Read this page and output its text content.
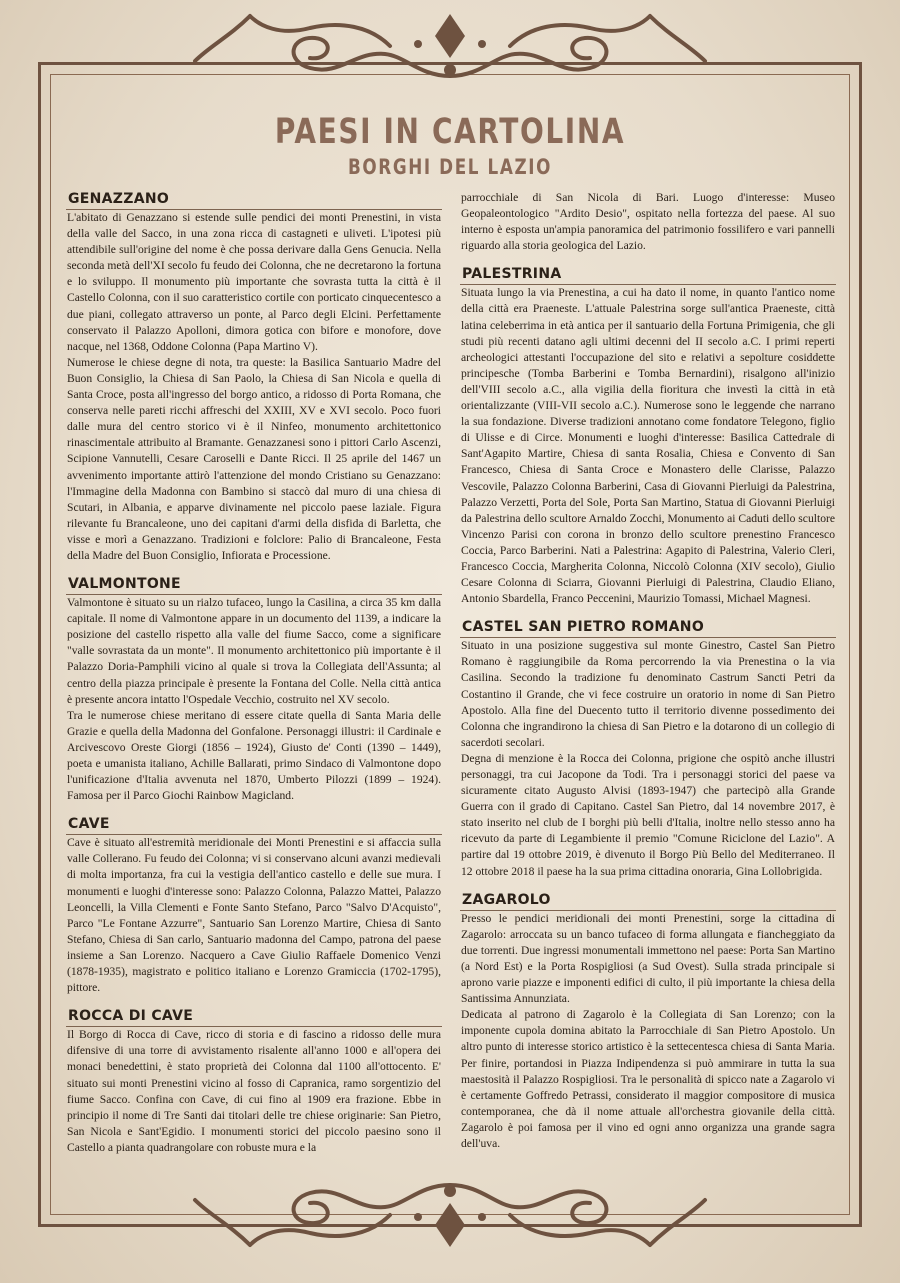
PAESI IN CARTOLINA
BORGHI DEL LAZIO
GENAZZANO

L'abitato di Genazzano si estende sulle pendici dei monti Prenestini, in vista della valle del Sacco, in una zona ricca di castagneti e uliveti. L'ipotesi più attendibile sull'origine del nome è che possa derivare dalla Gens Genucia. Nella seconda metà dell'XI secolo fu feudo dei Colonna, che ne decretarono la fortuna e lo sviluppo. Il monumento più importante che sovrasta tutta la città è il Castello Colonna, con il suo caratteristico cortile con porticato cinquecentesco a due piani, collegato attraverso un ponte, al Parco degli Elcini. Perfettamente conservato il Palazzo Apolloni, dimora gotica con bifore e monofore, dove nacque, nel 1368, Oddone Colonna (Papa Martino V).

Numerose le chiese degne di nota, tra queste: la Basilica Santuario Madre del Buon Consiglio, la Chiesa di San Paolo, la Chiesa di San Nicola e quella di Santa Croce, posta all'ingresso del borgo antico, a ridosso di Porta Romana, che conserva nelle pareti ricchi affreschi del XXIII, XV e XVI secolo. Poco fuori dalle mura del centro storico vi è il Ninfeo, monumento architettonico rinascimentale attribuito al Bramante. Genazzanesi sono i pittori Carlo Ascenzi, Scipione Vannutelli, Cesare Caroselli e Dante Ricci. Il 25 aprile del 1467 un avvenimento importante attirò l'attenzione del mondo Cristiano su Genazzano: l'Immagine della Madonna con Bambino si staccò dal muro di una chiesa di Scutari, in Albania, e apparve divinamente nel piccolo paese laziale. Figura rilevante fu Brancaleone, uno dei capitani d'armi della disfida di Barletta, che visse e morì a Genazzano. Tradizioni e folclore: Palio di Brancaleone, Festa della Madre del Buon Consiglio, Infiorata e Processione.

VALMONTONE

Valmontone è situato su un rialzo tufaceo, lungo la Casilina, a circa 35 km dalla capitale. Il nome di Valmontone appare in un documento del 1139, a indicare la posizione del castello rispetto alla valle del fiume Sacco, come a significare "valle sovrastata da un monte". Il monumento architettonico più importante è il Palazzo Doria-Pamphili vicino al quale si trova la Collegiata dell'Assunta; al centro della piazza principale è presente la Fontana del Colle. Nella città antica è presente ancora intatto l'Ospedale Vecchio, costruito nel XV secolo.

Tra le numerose chiese meritano di essere citate quella di Santa Maria delle Grazie e quella della Madonna del Gonfalone. Personaggi illustri: il Cardinale e Arcivescovo Oreste Giorgi (1856 – 1924), Giusto de' Conti (1390 – 1449), poeta e umanista italiano, Achille Ballarati, primo Sindaco di Valmontone dopo l'unificazione d'Italia avvenuta nel 1870, Umberto Pilozzi (1899 – 1924). Famosa per il Parco Giochi Rainbow Magicland.

CAVE

Cave è situato all'estremità meridionale dei Monti Prenestini e si affaccia sulla valle Collerano. Fu feudo dei Colonna; vi si conservano alcuni avanzi medievali di molta importanza, fra cui la vestigia dell'antico castello e delle sue mura. I monumenti e luoghi d'interesse sono: Palazzo Colonna, Palazzo Mattei, Palazzo Leoncelli, la Villa Clementi e Fonte Santo Stefano, Parco "Salvo D'Acquisto", Parco "Le Fontane Azzurre", Santuario San Lorenzo Martire, Chiesa di Santo Stefano, Chiesa di San carlo, Santuario madonna del Campo, patrona del paese insieme a San Lorenzo. Nacquero a Cave Giulio Raffaele Domenico Venzi (1878-1935), magistrato e politico italiano e Lorenzo Gramiccia (1702-1795), pittore.

ROCCA DI CAVE

Il Borgo di Rocca di Cave, ricco di storia e di fascino a ridosso delle mura difensive di una torre di avvistamento risalente all'anno 1000 e all'opera dei monaci benedettini, è stato proprietà dei Colonna dal 1100 all'ottocento. E' situato sui monti Prenestini vicino al fosso di Capranica, ramo sorgentizio del fiume Sacco. Confina con Cave, di cui fino al 1909 era frazione. Ebbe in principio il nome di Tre Santi dai titolari delle tre chiese originarie: San Pietro, San Nicola e Sant'Egidio. I monumenti storici del piccolo paesino sono il Castello a pianta quadrangolare con robuste mura e la

parrocchiale di San Nicola di Bari. Luogo d'interesse: Museo Geopaleontologico "Ardito Desio", ospitato nella fortezza del paese. Al suo interno è esposta un'ampia panoramica del patrimonio fossilifero e vari pannelli riguardo alla storia geologica del Lazio.

PALESTRINA

Situata lungo la via Prenestina, a cui ha dato il nome, in quanto l'antico nome della città era Praeneste. L'attuale Palestrina sorge sull'antica Praeneste, città latina celeberrima in età antica per il santuario della Fortuna Primigenia, che gli studi più recenti datano agli ultimi decenni del II secolo a.C. I primi reperti archeologici attestanti l'occupazione del sito e relativi a sepolture cosiddette principesche (Tomba Barberini e Tomba Bernardini), risalgono all'inizio dell'VIII secolo a.C., alla vigilia della fioritura che investì la città in età orientalizzante (VIII-VII secolo a.C.). Numerose sono le leggende che narrano la sua fondazione. Diverse tradizioni annotano come fondatore Telegono, figlio di Ulisse e di Circe. Monumenti e luoghi d'interesse: Basilica Cattedrale di Sant'Agapito Martire, Chiesa di santa Rosalia, Chiesa e Convento di San Francesco, Chiesa di Santa Croce e Monastero delle Clarisse, Palazzo Vescovile, Palazzo Colonna Barberini, Casa di Giovanni Pierluigi da Palestrina, Palazzo Verzetti, Porta del Sole, Porta San Martino, Statua di Giovanni Pierluigi da Palestrina dello scultore Arnaldo Zocchi, Monumento ai Caduti dello scultore Vincenzo Parisi con corona in bronzo dello scultore prenestino Francesco Coccia, Parco Barberini. Nati a Palestrina: Agapito di Palestrina, Valerio Cleri, Francesco Coccia, Margherita Colonna, Niccolò Colonna (XIV secolo), Giulio Cesare Colonna di Sciarra, Giovanni Pierluigi di Palestrina, Claudio Eliano, Antonio Sbardella, Franco Peccenini, Maurizio Tomassi, Michael Magnesi.

CASTEL SAN PIETRO ROMANO

Situato in una posizione suggestiva sul monte Ginestro, Castel San Pietro Romano è raggiungibile da Roma percorrendo la via Prenestina o la via Casilina. Secondo la tradizione fu denominato Castrum Sancti Petri da Costantino il Grande, che vi fece costruire un oratorio in nome di San Pietro Apostolo. Alla fine del Duecento tutto il territorio divenne possedimento dei Colonna che ingrandirono la chiesa di San Pietro e la dotarono di un collegio di sacerdoti secolari.

Degna di menzione è la Rocca dei Colonna, prigione che ospitò anche illustri personaggi, tra cui Jacopone da Todi. Tra i personaggi storici del paese va sicuramente citato Augusto Alvisi (1893-1947) che partecipò alla Grande Guerra con il grado di Capitano. Castel San Pietro, dal 14 novembre 2017, è stato inserito nel club de I borghi più belli d'Italia, inoltre nello stesso anno ha ricevuto da parte di Legambiente il premio "Comune Riciclone del Lazio". A partire dal 19 ottobre 2019, è divenuto il Borgo Più Bello del Mediterraneo. Il 12 ottobre 2018 il paese ha la sua prima cittadina onoraria, Gina Lollobrigida.

ZAGAROLO

Presso le pendici meridionali dei monti Prenestini, sorge la cittadina di Zagarolo: arroccata su un banco tufaceo di forma allungata e fiancheggiato da due torrenti. Due ingressi monumentali immettono nel paese: Porta San Martino (a Nord Est) e la Porta Rospigliosi (a Sud Ovest). Sulla strada principale si aprono varie piazze e imponenti edifici di culto, il più importante la chiesa della Santissima Annunziata.

Dedicata al patrono di Zagarolo è la Collegiata di San Lorenzo; con la imponente cupola domina abitato la Parrocchiale di San Pietro Apostolo. Un altro punto di interesse storico artistico è la settecentesca chiesa di Santa Maria. Per finire, portandosi in Piazza Indipendenza si può ammirare in tutta la sua maestosità il Palazzo Rospigliosi. Tra le personalità di spicco nate a Zagarolo vi è certamente Goffredo Petrassi, considerato il maggior compositore di musica contemporanea, che dà il nome attuale all'orchestra giovanile della città. Zagarolo è poi famosa per il vino ed ogni anno organizza una grande sagra dell'uva.
